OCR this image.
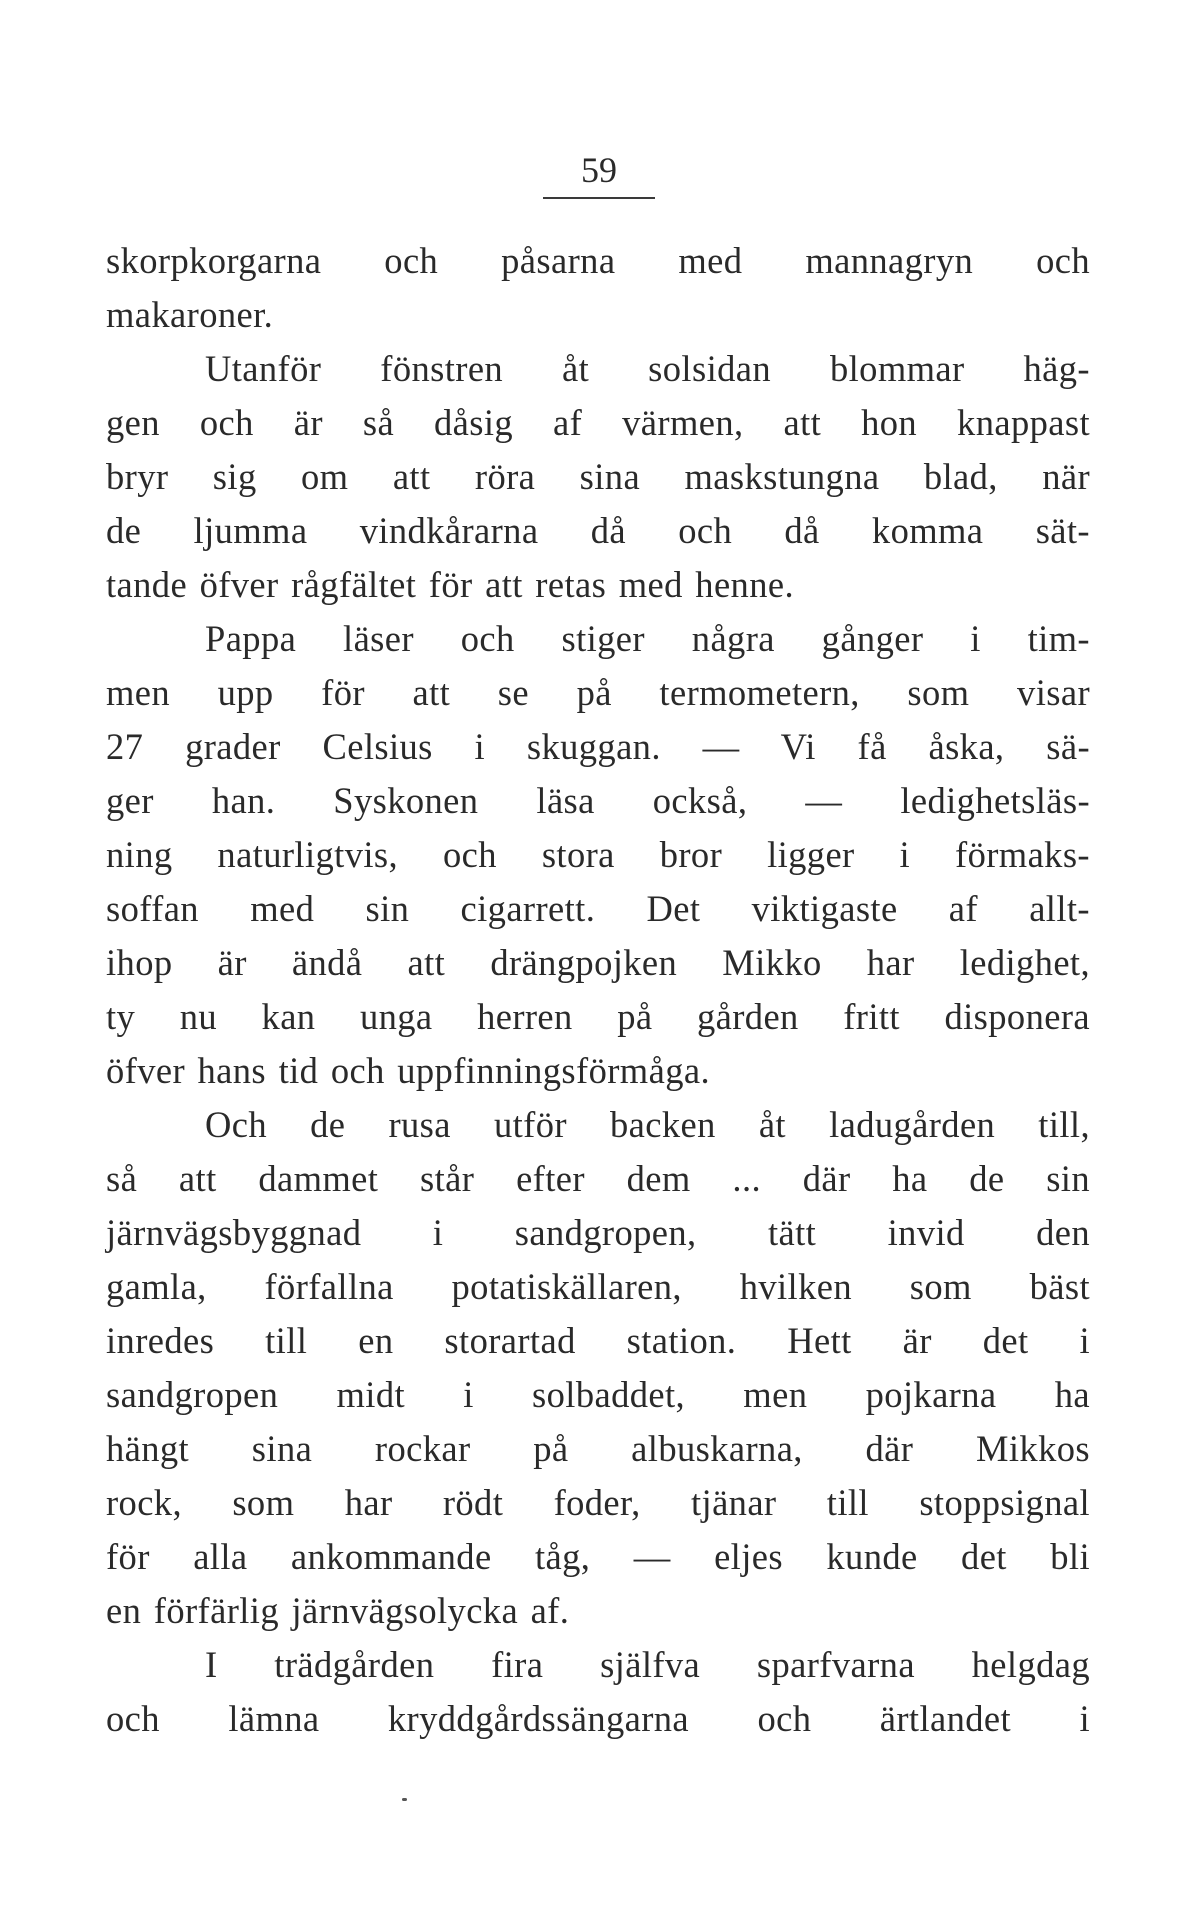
59
skorpkorgarna och påsarna med mannagryn och
makaroner.
Utanför fönstren åt solsidan blommar häg-
gen och är så dåsig af värmen, att hon knappast
bryr sig om att röra sina maskstungna blad, när
de ljumma vindkårarna då och då komma sät-
tande öfver rågfältet för att retas med henne.
Pappa läser och stiger några gånger i tim-
men upp för att se på termometern, som visar
27 grader Celsius i skuggan. — Vi få åska, sä-
ger han. Syskonen läsa också, — ledighetsläs-
ning naturligtvis, och stora bror ligger i förmaks-
soffan med sin cigarrett. Det viktigaste af allt-
ihop är ändå att drängpojken Mikko har ledighet,
ty nu kan unga herren på gården fritt disponera
öfver hans tid och uppfinningsförmåga.
Och de rusa utför backen åt ladugården till,
så att dammet står efter dem ... där ha de sin
järnvägsbyggnad i sandgropen, tätt invid den
gamla, förfallna potatiskällaren, hvilken som bäst
inredes till en storartad station. Hett är det i
sandgropen midt i solbaddet, men pojkarna ha
hängt sina rockar på albuskarna, där Mikkos
rock, som har rödt foder, tjänar till stoppsignal
för alla ankommande tåg, — eljes kunde det bli
en förfärlig järnvägsolycka af.
I trädgården fira själfva sparfvarna helgdag
och lämna kryddgårdssängarna och ärtlandet i
